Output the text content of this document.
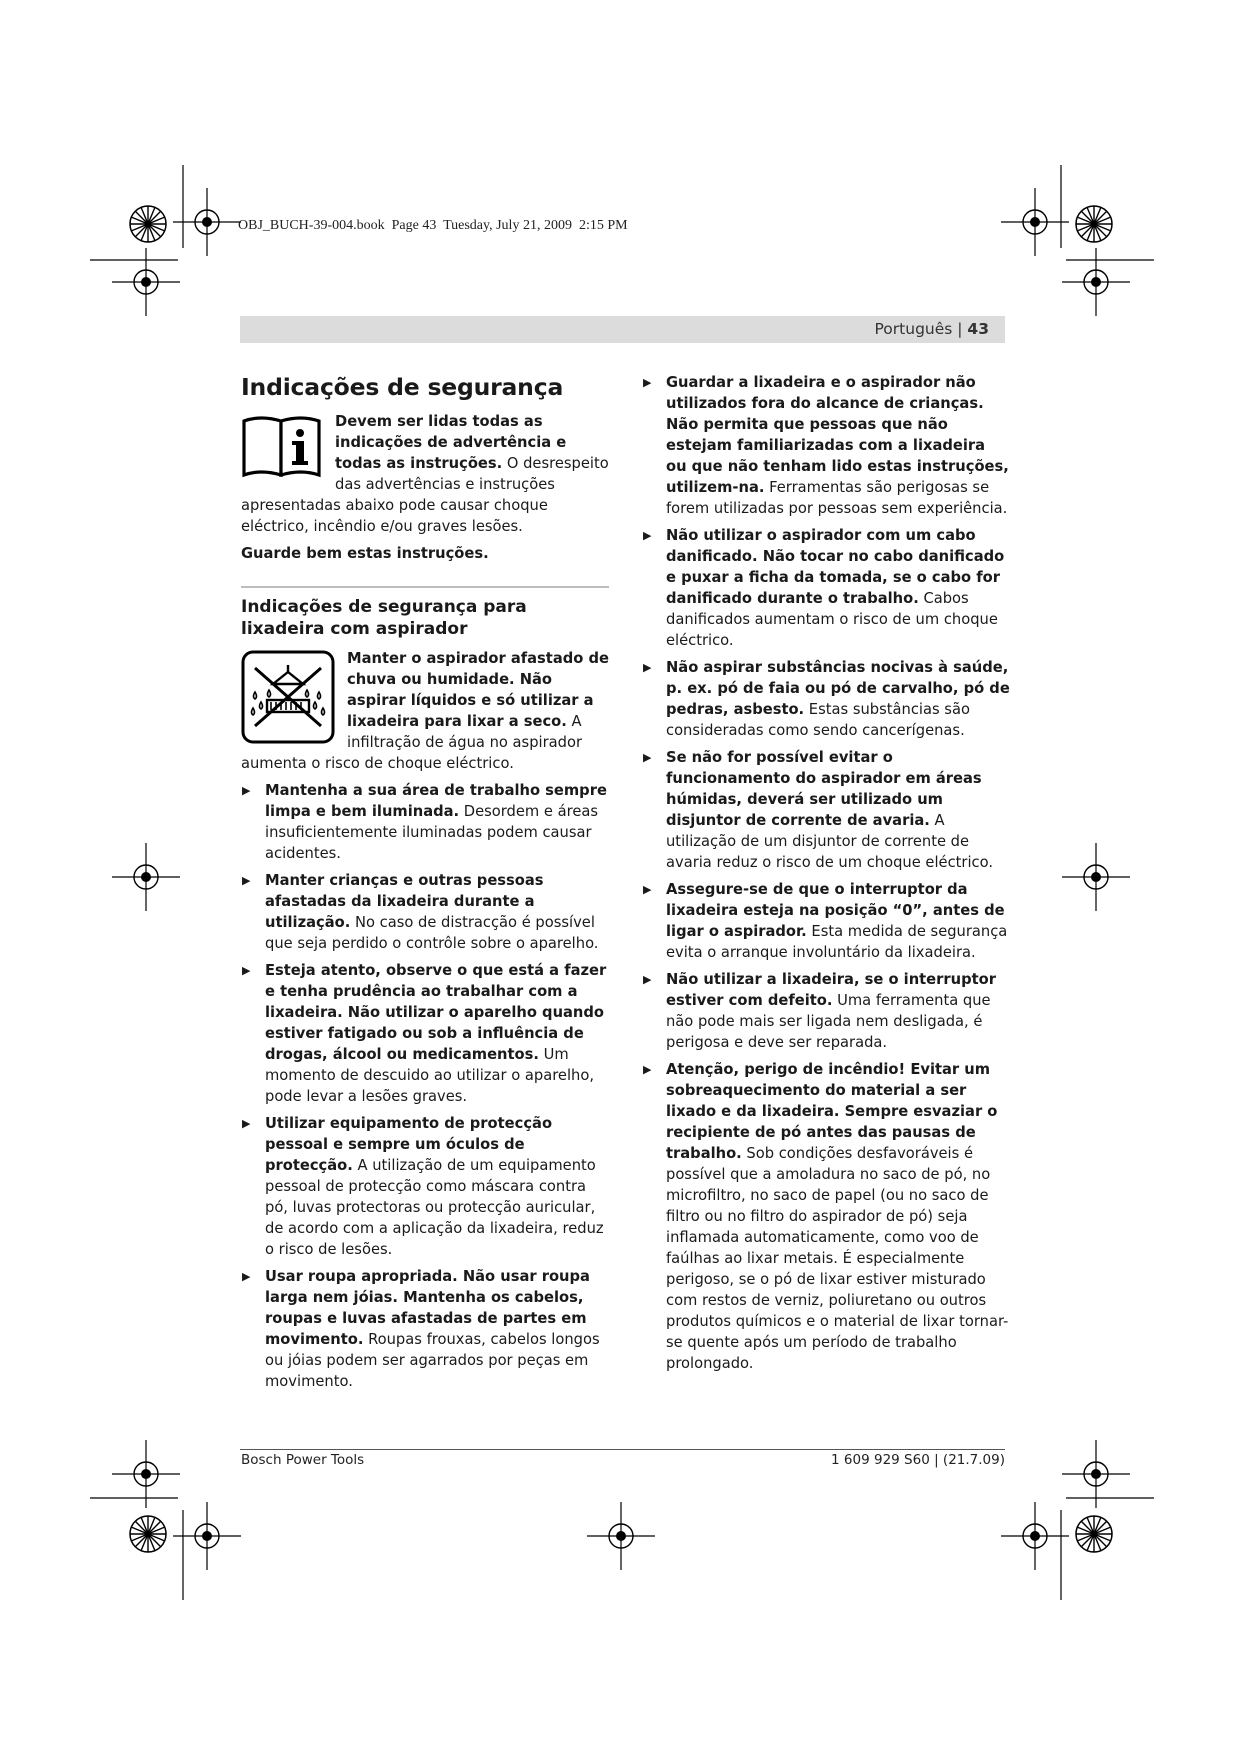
OBJ_BUCH-39-004.book  Page 43  Tuesday, July 21, 2009  2:15 PM
Português | 43
Indicações de segurança

Devem ser lidas todas as indicações de advertência e todas as instruções. O desrespeito das advertências e instruções apresentadas abaixo pode causar choque eléctrico, incêndio e/ou graves lesões.

Guarde bem estas instruções.

Indicações de segurança para lixadeira com aspirador

Manter o aspirador afastado de chuva ou humidade. Não aspirar líquidos e só utilizar a lixadeira para lixar a seco. A infiltração de água no aspirador aumenta o risco de choque eléctrico.

▶ Mantenha a sua área de trabalho sempre limpa e bem iluminada. Desordem e áreas insuficientemente iluminadas podem causar acidentes.
▶ Manter crianças e outras pessoas afastadas da lixadeira durante a utilização. No caso de distracção é possível que seja perdido o contrôle sobre o aparelho.
▶ Esteja atento, observe o que está a fazer e tenha prudência ao trabalhar com a lixadeira. Não utilizar o aparelho quando estiver fatigado ou sob a influência de drogas, álcool ou medicamentos. Um momento de descuido ao utilizar o aparelho, pode levar a lesões graves.
▶ Utilizar equipamento de protecção pessoal e sempre um óculos de protecção. A utilização de um equipamento pessoal de protecção como máscara contra pó, luvas protectoras ou protecção auricular, de acordo com a aplicação da lixadeira, reduz o risco de lesões.
▶ Usar roupa apropriada. Não usar roupa larga nem jóias. Mantenha os cabelos, roupas e luvas afastadas de partes em movimento. Roupas frouxas, cabelos longos ou jóias podem ser agarrados por peças em movimento.
▶ Guardar a lixadeira e o aspirador não utilizados fora do alcance de crianças. Não permita que pessoas que não estejam familiarizadas com a lixadeira ou que não tenham lido estas instruções, utilizem-na. Ferramentas são perigosas se forem utilizadas por pessoas sem experiência.
▶ Não utilizar o aspirador com um cabo danificado. Não tocar no cabo danificado e puxar a ficha da tomada, se o cabo for danificado durante o trabalho. Cabos danificados aumentam o risco de um choque eléctrico.
▶ Não aspirar substâncias nocivas à saúde, p. ex. pó de faia ou pó de carvalho, pó de pedras, asbesto. Estas substâncias são consideradas como sendo cancerígenas.
▶ Se não for possível evitar o funcionamento do aspirador em áreas húmidas, deverá ser utilizado um disjuntor de corrente de avaria. A utilização de um disjuntor de corrente de avaria reduz o risco de um choque eléctrico.
▶ Assegure-se de que o interruptor da lixadeira esteja na posição “0”, antes de ligar o aspirador. Esta medida de segurança evita o arranque involuntário da lixadeira.
▶ Não utilizar a lixadeira, se o interruptor estiver com defeito. Uma ferramenta que não pode mais ser ligada nem desligada, é perigosa e deve ser reparada.
▶ Atenção, perigo de incêndio! Evitar um sobreaquecimento do material a ser lixado e da lixadeira. Sempre esvaziar o recipiente de pó antes das pausas de trabalho. Sob condições desfavoráveis é possível que a amoladura no saco de pó, no microfiltro, no saco de papel (ou no saco de filtro ou no filtro do aspirador de pó) seja inflamada automaticamente, como voo de faúlhas ao lixar metais. É especialmente perigoso, se o pó de lixar estiver misturado com restos de verniz, poliuretano ou outros produtos químicos e o material de lixar tornar-se quente após um período de trabalho prolongado.
Bosch Power Tools	1 609 929 S60 | (21.7.09)
